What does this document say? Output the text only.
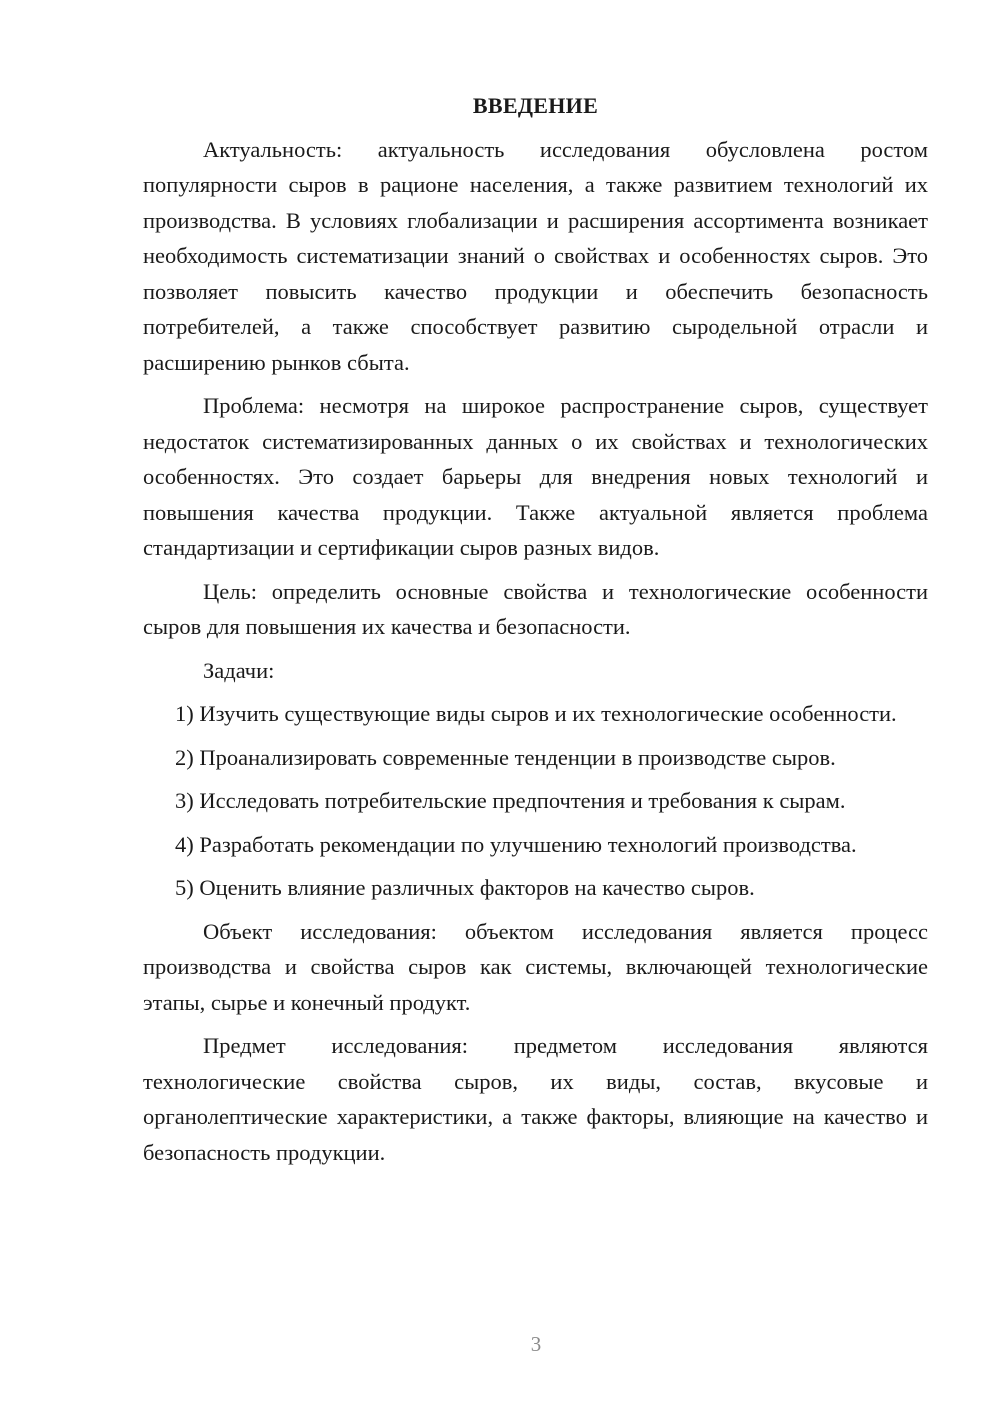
ВВЕДЕНИЕ

Актуальность: актуальность исследования обусловлена ростом популярности сыров в рационе населения, а также развитием технологий их производства. В условиях глобализации и расширения ассортимента возникает необходимость систематизации знаний о свойствах и особенностях сыров. Это позволяет повысить качество продукции и обеспечить безопасность потребителей, а также способствует развитию сыродельной отрасли и расширению рынков сбыта.

Проблема: несмотря на широкое распространение сыров, существует недостаток систематизированных данных о их свойствах и технологических особенностях. Это создает барьеры для внедрения новых технологий и повышения качества продукции. Также актуальной является проблема стандартизации и сертификации сыров разных видов.

Цель: определить основные свойства и технологические особенности сыров для повышения их качества и безопасности.

Задачи:

1) Изучить существующие виды сыров и их технологические особенности.

2) Проанализировать современные тенденции в производстве сыров.

3) Исследовать потребительские предпочтения и требования к сырам.

4) Разработать рекомендации по улучшению технологий производства.

5) Оценить влияние различных факторов на качество сыров.

Объект исследования: объектом исследования является процесс производства и свойства сыров как системы, включающей технологические этапы, сырье и конечный продукт.

Предмет исследования: предметом исследования являются технологические свойства сыров, их виды, состав, вкусовые и органолептические характеристики, а также факторы, влияющие на качество и безопасность продукции.

3
